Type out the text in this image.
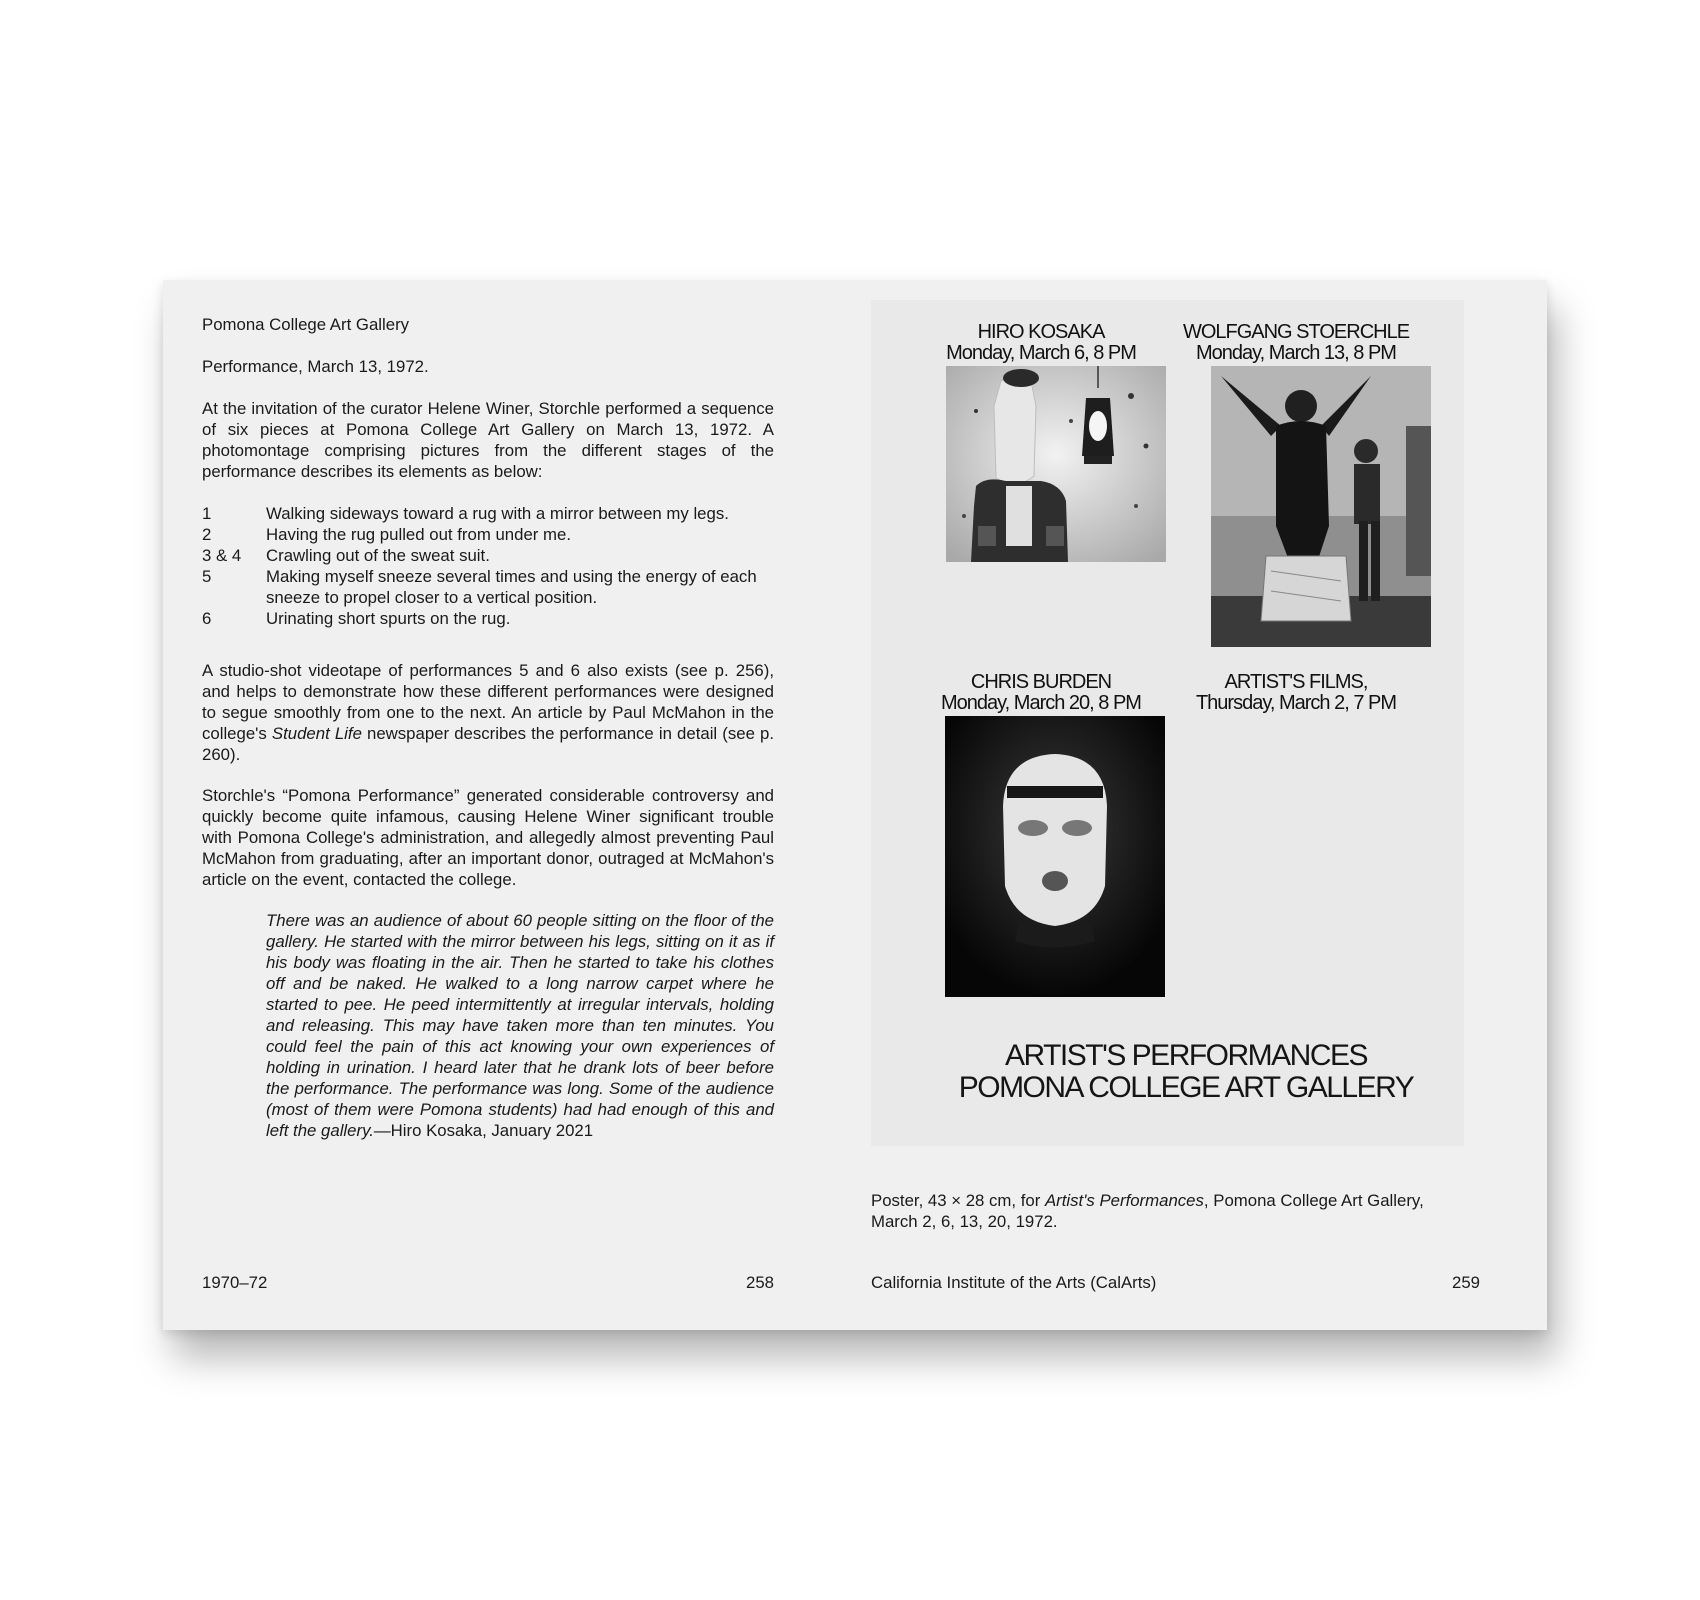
Pomona College Art Gallery
Performance, March 13, 1972.
At the invitation of the curator Helene Winer, Storchle performed a sequence of six pieces at Pomona College Art Gallery on March 13, 1972. A photomontage comprising pictures from the different stages of the performance describes its elements as below:
1	Walking sideways toward a rug with a mirror between my legs.
2	Having the rug pulled out from under me.
3 & 4	Crawling out of the sweat suit.
5	Making myself sneeze several times and using the energy of each sneeze to propel closer to a vertical position.
6	Urinating short spurts on the rug.
A studio-shot videotape of performances 5 and 6 also exists (see p. 256), and helps to demonstrate how these different performances were designed to segue smoothly from one to the next. An article by Paul McMahon in the college's Student Life newspaper describes the performance in detail (see p. 260).
Storchle's “Pomona Performance” generated considerable controversy and quickly become quite infamous, causing Helene Winer significant trouble with Pomona College's administration, and allegedly almost preventing Paul McMahon from graduating, after an important donor, outraged at McMahon's article on the event, contacted the college.
There was an audience of about 60 people sitting on the floor of the gallery. He started with the mirror between his legs, sitting on it as if his body was floating in the air. Then he started to take his clothes off and be naked. He walked to a long narrow carpet where he started to pee. He peed intermittently at irregular intervals, holding and releasing. This may have taken more than ten minutes. You could feel the pain of this act knowing your own experiences of holding in urination. I heard later that he drank lots of beer before the performance. The performance was long. Some of the audience (most of them were Pomona students) had had enough of this and left the gallery.—Hiro Kosaka, January 2021
1970–72	258
HIRO KOSAKA
Monday, March 6, 8 PM
WOLFGANG STOERCHLE
Monday, March 13, 8 PM
CHRIS BURDEN
Monday, March 20, 8 PM
ARTIST'S FILMS,
Thursday, March 2, 7 PM
ARTIST'S PERFORMANCES
POMONA COLLEGE ART GALLERY
Poster, 43 × 28 cm, for Artist's Performances, Pomona College Art Gallery, March 2, 6, 13, 20, 1972.
California Institute of the Arts (CalArts)	259
